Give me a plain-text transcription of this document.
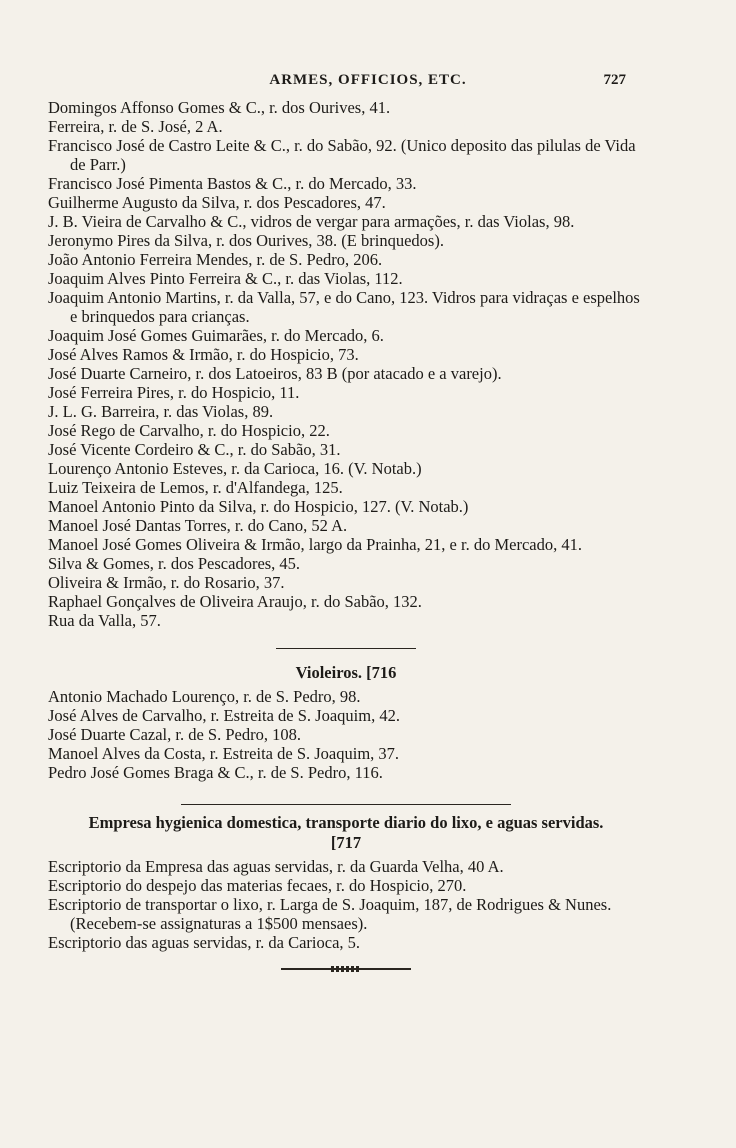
ARMES, OFFICIOS, ETC.	727

Domingos Affonso Gomes & C., r. dos Ourives, 41.

Ferreira, r. de S. José, 2 A.

Francisco José de Castro Leite & C., r. do Sabão, 92. (Unico deposito das pilulas de Vida de Parr.)

Francisco José Pimenta Bastos & C., r. do Mercado, 33.

Guilherme Augusto da Silva, r. dos Pescadores, 47.

J. B. Vieira de Carvalho & C., vidros de vergar para armações, r. das Violas, 98.

Jeronymo Pires da Silva, r. dos Ourives, 38. (E brinquedos).

João Antonio Ferreira Mendes, r. de S. Pedro, 206.

Joaquim Alves Pinto Ferreira & C., r. das Violas, 112.

Joaquim Antonio Martins, r. da Valla, 57, e do Cano, 123. Vidros para vidraças e espelhos e brinquedos para crianças.

Joaquim José Gomes Guimarães, r. do Mercado, 6.

José Alves Ramos & Irmão, r. do Hospicio, 73.

José Duarte Carneiro, r. dos Latoeiros, 83 B (por atacado e a varejo).

José Ferreira Pires, r. do Hospicio, 11.

J. L. G. Barreira, r. das Violas, 89.

José Rego de Carvalho, r. do Hospicio, 22.

José Vicente Cordeiro & C., r. do Sabão, 31.

Lourenço Antonio Esteves, r. da Carioca, 16. (V. Notab.)

Luiz Teixeira de Lemos, r. d'Alfandega, 125.

Manoel Antonio Pinto da Silva, r. do Hospicio, 127. (V. Notab.)

Manoel José Dantas Torres, r. do Cano, 52 A.

Manoel José Gomes Oliveira & Irmão, largo da Prainha, 21, e r. do Mercado, 41.

Silva & Gomes, r. dos Pescadores, 45.

Oliveira & Irmão, r. do Rosario, 37.

Raphael Gonçalves de Oliveira Araujo, r. do Sabão, 132.

Rua da Valla, 57.

Violeiros. [716

Antonio Machado Lourenço, r. de S. Pedro, 98.

José Alves de Carvalho, r. Estreita de S. Joaquim, 42.

José Duarte Cazal, r. de S. Pedro, 108.

Manoel Alves da Costa, r. Estreita de S. Joaquim, 37.

Pedro José Gomes Braga & C., r. de S. Pedro, 116.

Empresa hygienica domestica, transporte diario do lixo, e aguas servidas. [717

Escriptorio da Empresa das aguas servidas, r. da Guarda Velha, 40 A.

Escriptorio do despejo das materias fecaes, r. do Hospicio, 270.

Escriptorio de transportar o lixo, r. Larga de S. Joaquim, 187, de Rodrigues & Nunes. (Recebem-se assignaturas a 1$500 mensaes).

Escriptorio das aguas servidas, r. da Carioca, 5.
